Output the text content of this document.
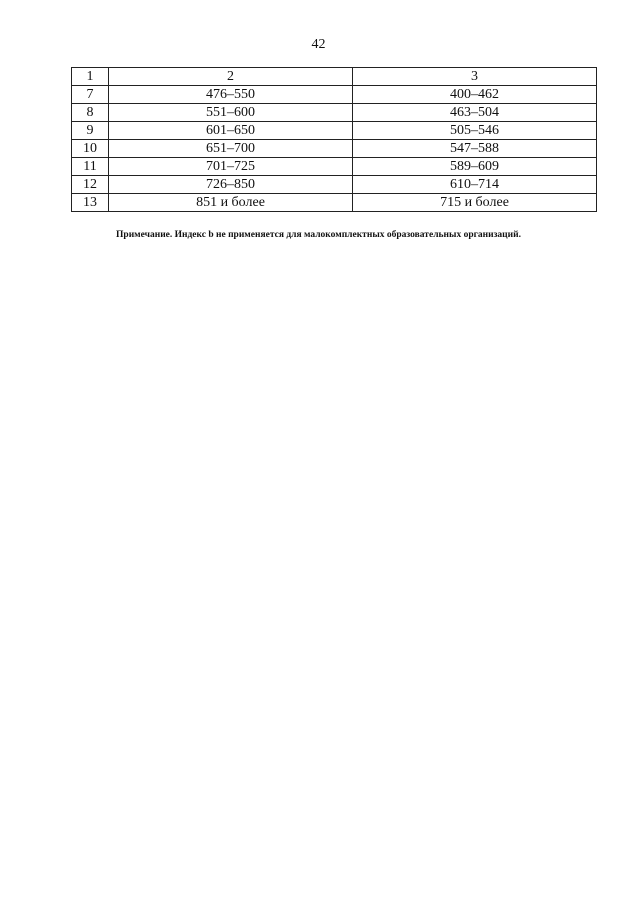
42
1	2	3
7	476–550	400–462
8	551–600	463–504
9	601–650	505–546
10	651–700	547–588
11	701–725	589–609
12	726–850	610–714
13	851 и более	715 и более
Примечание. Индекс b не применяется для малокомплектных образовательных организаций.
